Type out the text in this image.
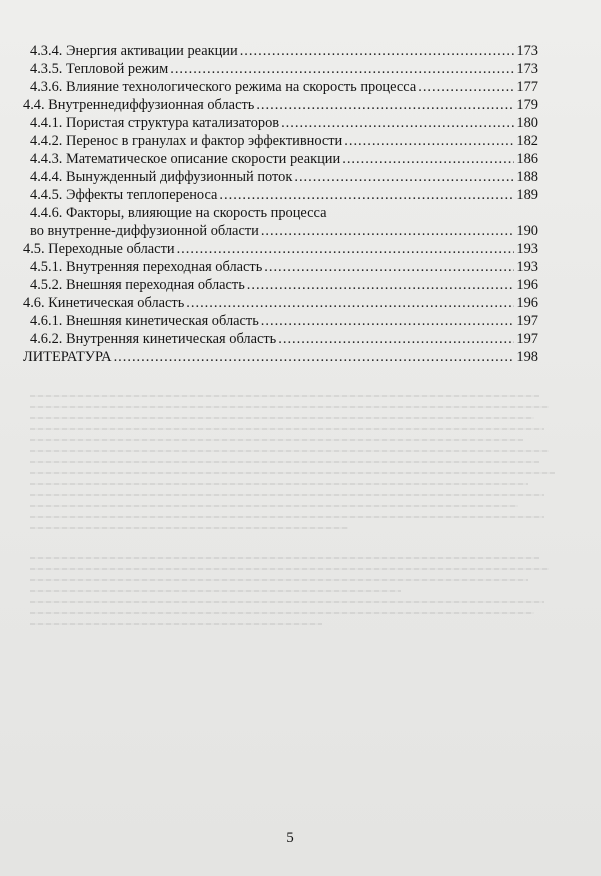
4.3.4. Энергия активации реакции .....	173
4.3.5. Тепловой режим .....	173
4.3.6. Влияние технологического режима на скорость процесса .....	177
4.4. Внутреннедиффузионная область .....	179
4.4.1. Пористая структура катализаторов .....	180
4.4.2. Перенос в гранулах и фактор эффективности .....	182
4.4.3. Математическое описание скорости реакции .....	186
4.4.4. Вынужденный диффузионный поток .....	188
4.4.5. Эффекты теплопереноса .....	189
4.4.6. Факторы, влияющие на скорость процесса
во внутренне-диффузионной области .....	190
4.5. Переходные области .....	193
4.5.1. Внутренняя переходная область .....	193
4.5.2. Внешняя переходная область .....	196
4.6. Кинетическая область .....	196
4.6.1. Внешняя кинетическая область .....	197
4.6.2. Внутренняя кинетическая область .....	197
ЛИТЕРАТУРА .....	198
5
